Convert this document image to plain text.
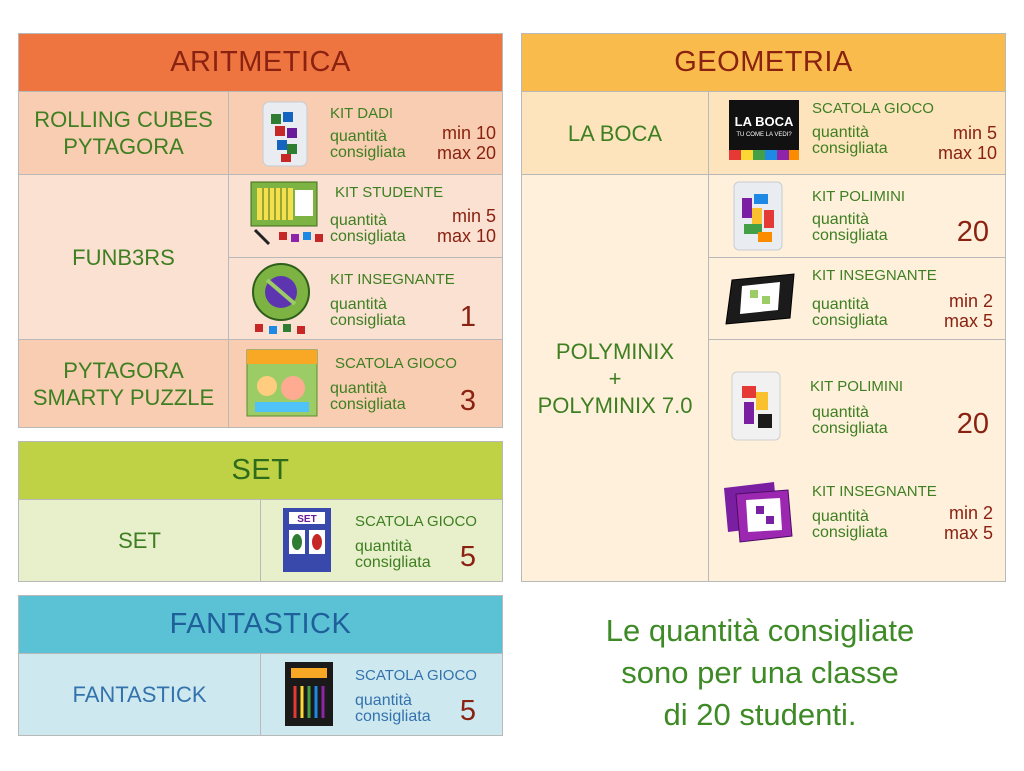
ARITMETICA
ROLLING CUBES
PYTAGORA
KIT DADI
quantità
consigliata
min 10
max 20
FUNB3RS
KIT STUDENTE
quantità
consigliata
min 5
max 10
KIT INSEGNANTE
quantità
consigliata 1
PYTAGORA
SMARTY PUZZLE
SCATOLA GIOCO
quantità
consigliata 3
SET
SET
SET	SCATOLA GIOCO
quantità
consigliata 5
FANTASTICK
FANTASTICK
SCATOLA GIOCO
quantità
consigliata 5
GEOMETRIA
LA BOCA	LA BOCA
TU COME LA VEDI?
SCATOLA GIOCO
quantità
consigliata
min 5
max 10
POLYMINIX
+
POLYMINIX 7.0
KIT POLIMINI
quantità
consigliata 20
KIT INSEGNANTE
quantità
consigliata
min 2
max 5
KIT POLIMINI
quantità
consigliata 20
KIT INSEGNANTE
quantità
consigliata
min 2
max 5
Le quantità consigliate
sono per una classe
di 20 studenti.
